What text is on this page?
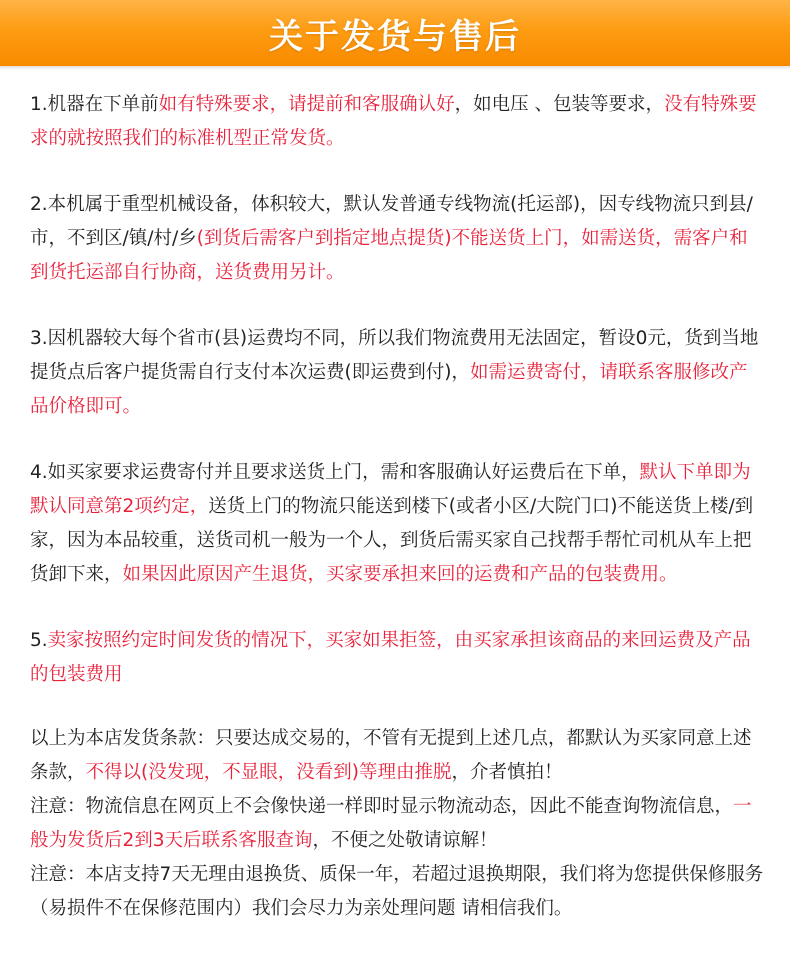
关于发货与售后

1.机器在下单前如有特殊要求，请提前和客服确认好，如电压 、包装等要求，没有特殊要求的就按照我们的标准机型正常发货。

2.本机属于重型机械设备，体积较大，默认发普通专线物流(托运部)，因专线物流只到县/市，不到区/镇/村/乡(到货后需客户到指定地点提货)不能送货上门，如需送货，需客户和到货托运部自行协商，送货费用另计。

3.因机器较大每个省市(县)运费均不同，所以我们物流费用无法固定，暂设0元，货到当地提货点后客户提货需自行支付本次运费(即运费到付)，如需运费寄付，请联系客服修改产品价格即可。

4.如买家要求运费寄付并且要求送货上门，需和客服确认好运费后在下单，默认下单即为默认同意第2项约定，送货上门的物流只能送到楼下(或者小区/大院门口)不能送货上楼/到家，因为本品较重，送货司机一般为一个人，到货后需买家自己找帮手帮忙司机从车上把货卸下来，如果因此原因产生退货，买家要承担来回的运费和产品的包装费用。

5.卖家按照约定时间发货的情况下，买家如果拒签，由买家承担该商品的来回运费及产品的包装费用

以上为本店发货条款：只要达成交易的，不管有无提到上述几点，都默认为买家同意上述条款，不得以(没发现，不显眼，没看到)等理由推脱，介者慎拍！

注意：物流信息在网页上不会像快递一样即时显示物流动态，因此不能查询物流信息，一般为发货后2到3天后联系客服查询，不便之处敬请谅解！

注意：本店支持7天无理由退换货、质保一年，若超过退换期限，我们将为您提供保修服务 （易损件不在保修范围内）我们会尽力为亲处理问题 请相信我们。
